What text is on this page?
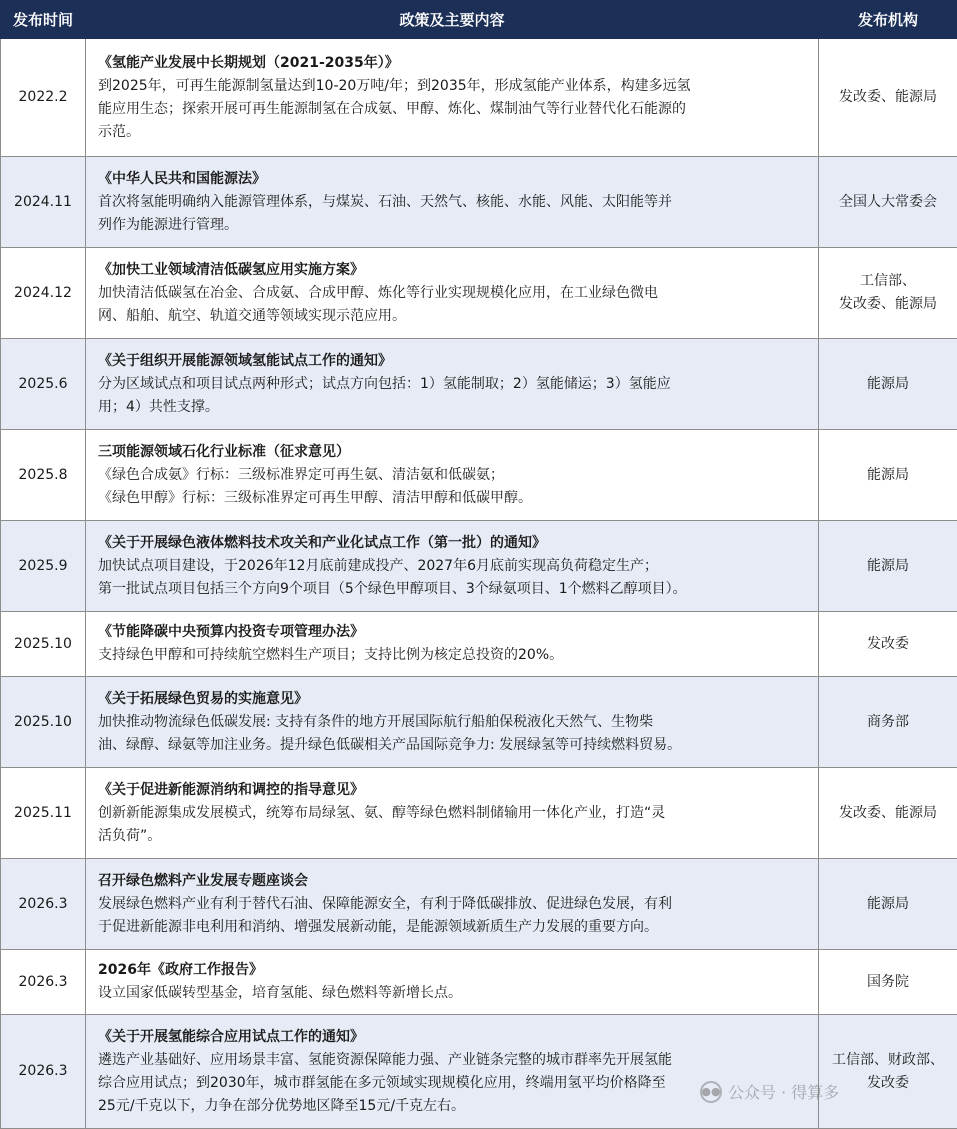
发布时间	政策及主要内容	发布机构
2022.2	《氢能产业发展中长期规划（2021-2035年）》
到2025年，可再生能源制氢量达到10-20万吨/年；到2035年，形成氢能产业体系，构建多远氢
能应用生态；探索开展可再生能源制氢在合成氨、甲醇、炼化、煤制油气等行业替代化石能源的
示范。	发改委、能源局

2024.11	《中华人民共和国能源法》
首次将氢能明确纳入能源管理体系，与煤炭、石油、天然气、核能、水能、风能、太阳能等并
列作为能源进行管理。	全国人大常委会

2024.12	《加快工业领域清洁低碳氢应用实施方案》
加快清洁低碳氢在冶金、合成氨、合成甲醇、炼化等行业实现规模化应用，在工业绿色微电
网、船舶、航空、轨道交通等领域实现示范应用。	工信部、
发改委、能源局

2025.6	《关于组织开展能源领域氢能试点工作的通知》
分为区域试点和项目试点两种形式；试点方向包括：1）氢能制取；2）氢能储运；3）氢能应
用；4）共性支撑。	能源局

2025.8	三项能源领域石化行业标准（征求意见）
《绿色合成氨》行标：三级标准界定可再生氨、清洁氨和低碳氨；
《绿色甲醇》行标：三级标准界定可再生甲醇、清洁甲醇和低碳甲醇。	能源局

2025.9	《关于开展绿色液体燃料技术攻关和产业化试点工作（第一批）的通知》
加快试点项目建设，于2026年12月底前建成投产、2027年6月底前实现高负荷稳定生产；
第一批试点项目包括三个方向9个项目（5个绿色甲醇项目、3个绿氨项目、1个燃料乙醇项目）。	能源局

2025.10	《节能降碳中央预算内投资专项管理办法》
支持绿色甲醇和可持续航空燃料生产项目；支持比例为核定总投资的20%。	发改委

2025.10	《关于拓展绿色贸易的实施意见》
加快推动物流绿色低碳发展: 支持有条件的地方开展国际航行船舶保税液化天然气、生物柴
油、绿醇、绿氨等加注业务。提升绿色低碳相关产品国际竞争力: 发展绿氢等可持续燃料贸易。	商务部

2025.11	《关于促进新能源消纳和调控的指导意见》
创新新能源集成发展模式，统筹布局绿氢、氨、醇等绿色燃料制储输用一体化产业，打造“灵
活负荷”。	发改委、能源局

2026.3	召开绿色燃料产业发展专题座谈会
发展绿色燃料产业有利于替代石油、保障能源安全，有利于降低碳排放、促进绿色发展，有利
于促进新能源非电利用和消纳、增强发展新动能，是能源领域新质生产力发展的重要方向。	能源局

2026.3	2026年《政府工作报告》
设立国家低碳转型基金，培育氢能、绿色燃料等新增长点。	国务院

2026.3	《关于开展氢能综合应用试点工作的通知》
遴选产业基础好、应用场景丰富、氢能资源保障能力强、产业链条完整的城市群率先开展氢能
综合应用试点；到2030年，城市群氢能在多元领域实现规模化应用，终端用氢平均价格降至
25元/千克以下，力争在部分优势地区降至15元/千克左右。	工信部、财政部、
发改委
●● 公众号 · 得算多
